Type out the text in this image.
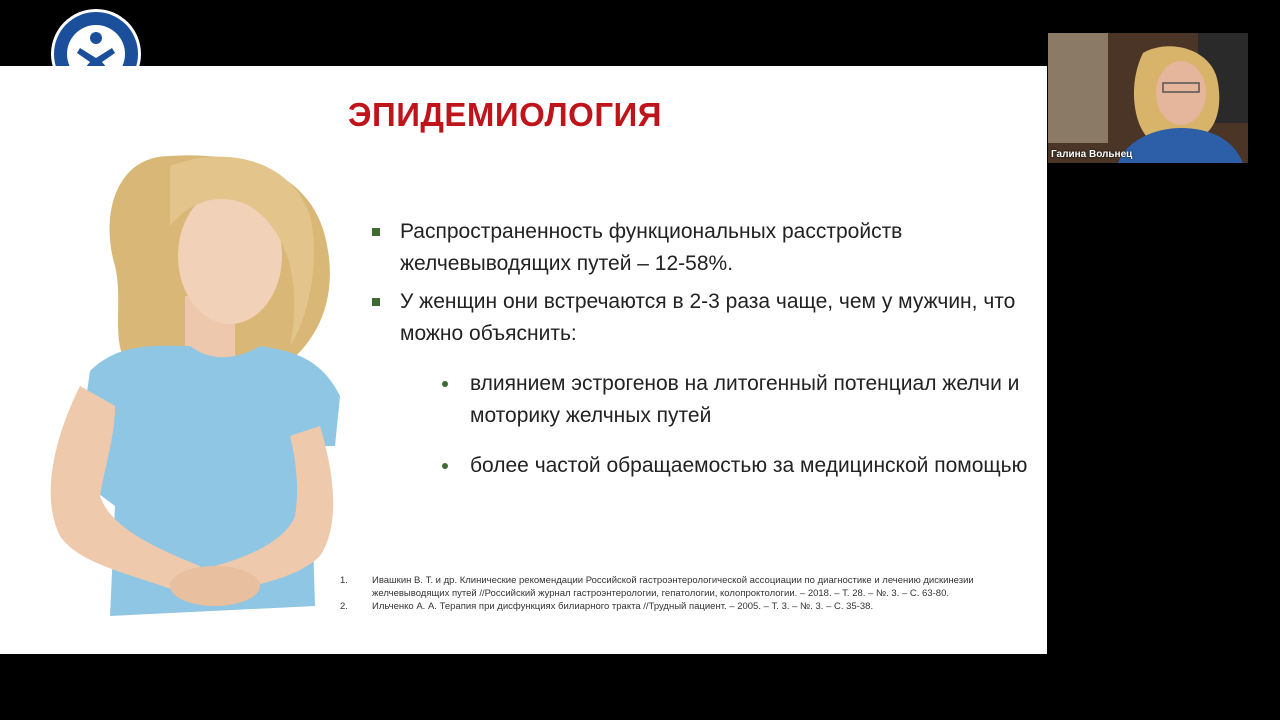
ЭПИДЕМИОЛОГИЯ
Распространенность функциональных расстройств желчевыводящих путей – 12-58%.
У женщин они встречаются в 2-3 раза чаще, чем у мужчин, что можно объяснить:
влиянием эстрогенов на литогенный потенциал желчи и моторику желчных путей
более частой обращаемостью за медицинской помощью
1.	Ивашкин В. Т. и др. Клинические рекомендации Российской гастроэнтерологической ассоциации по диагностике и лечению дискинезии желчевыводящих путей //Российский журнал гастроэнтерологии, гепатологии, колопроктологии. – 2018. – Т. 28. – №. 3. – С. 63-80.
2.	Ильченко А. А. Терапия при дисфункциях билиарного тракта //Трудный пациент. – 2005. – Т. 3. – №. 3. – С. 35-38.
Галина Вольнец
